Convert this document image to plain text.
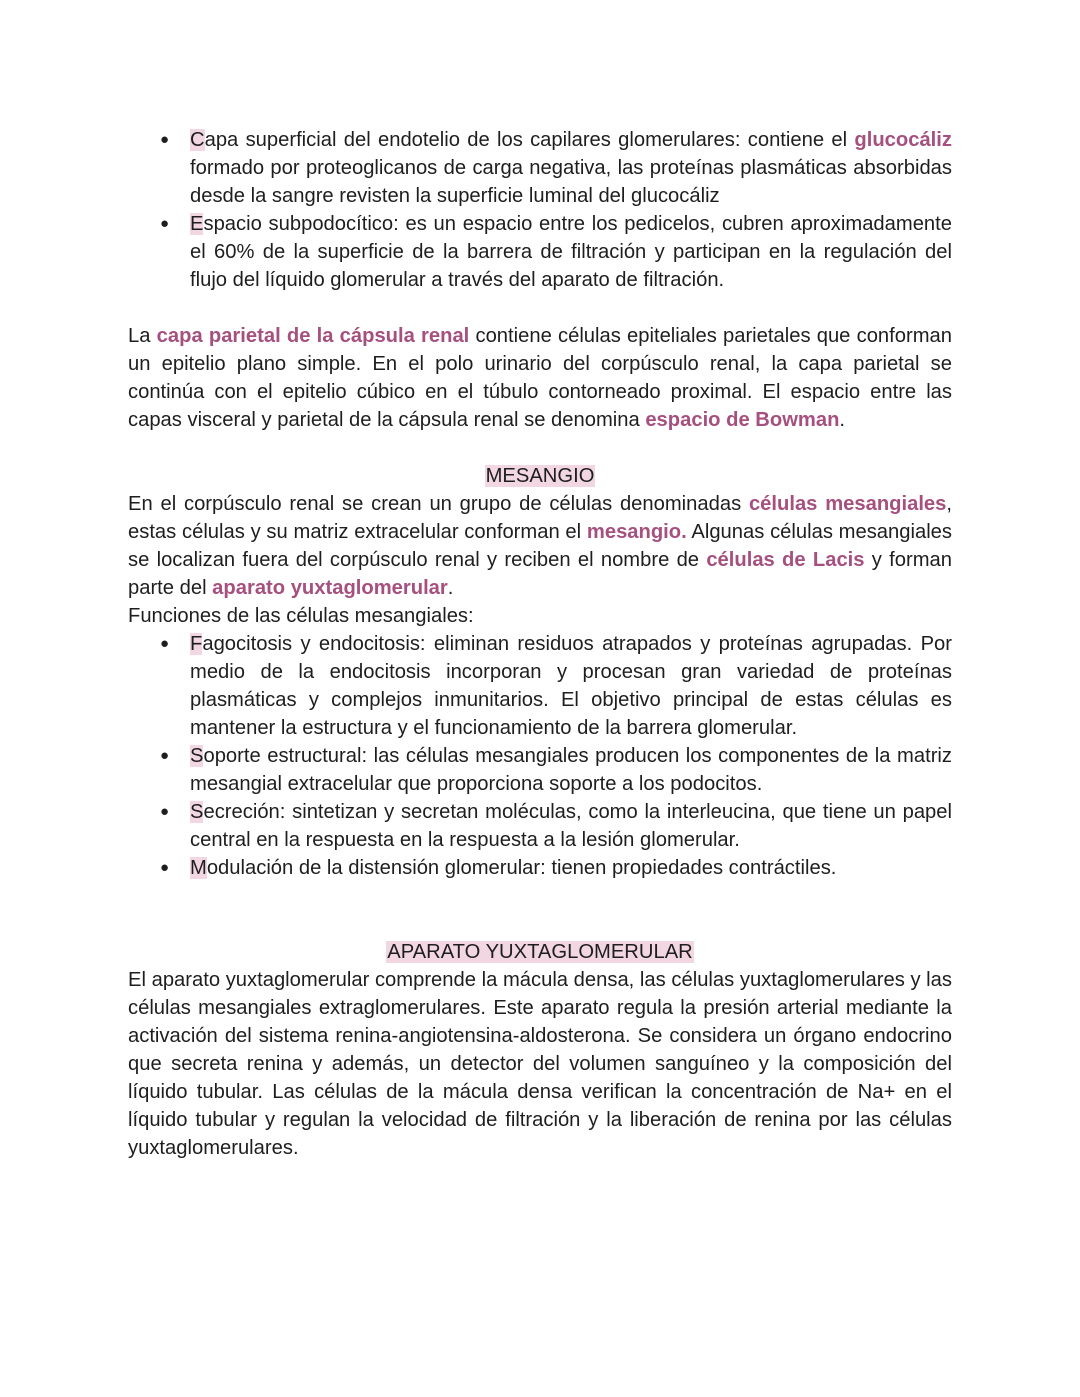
● Capa superficial del endotelio de los capilares glomerulares: contiene el glucocáliz formado por proteoglicanos de carga negativa, las proteínas plasmáticas absorbidas desde la sangre revisten la superficie luminal del glucocáliz
● Espacio subpodocítico: es un espacio entre los pedicelos, cubren aproximadamente el 60% de la superficie de la barrera de filtración y participan en la regulación del flujo del líquido glomerular a través del aparato de filtración.

La capa parietal de la cápsula renal contiene células epiteliales parietales que conforman un epitelio plano simple. En el polo urinario del corpúsculo renal, la capa parietal se continúa con el epitelio cúbico en el túbulo contorneado proximal. El espacio entre las capas visceral y parietal de la cápsula renal se denomina espacio de Bowman.

MESANGIO

En el corpúsculo renal se crean un grupo de células denominadas células mesangiales, estas células y su matriz extracelular conforman el mesangio. Algunas células mesangiales se localizan fuera del corpúsculo renal y reciben el nombre de células de Lacis y forman parte del aparato yuxtaglomerular.

Funciones de las células mesangiales:

● Fagocitosis y endocitosis: eliminan residuos atrapados y proteínas agrupadas. Por medio de la endocitosis incorporan y procesan gran variedad de proteínas plasmáticas y complejos inmunitarios. El objetivo principal de estas células es mantener la estructura y el funcionamiento de la barrera glomerular.
● Soporte estructural: las células mesangiales producen los componentes de la matriz mesangial extracelular que proporciona soporte a los podocitos.
● Secreción: sintetizan y secretan moléculas, como la interleucina, que tiene un papel central en la respuesta en la respuesta a la lesión glomerular.
● Modulación de la distensión glomerular: tienen propiedades contráctiles.
APARATO YUXTAGLOMERULAR

El aparato yuxtaglomerular comprende la mácula densa, las células yuxtaglomerulares y las células mesangiales extraglomerulares. Este aparato regula la presión arterial mediante la activación del sistema renina-angiotensina-aldosterona. Se considera un órgano endocrino que secreta renina y además, un detector del volumen sanguíneo y la composición del líquido tubular. Las células de la mácula densa verifican la concentración de Na+ en el líquido tubular y regulan la velocidad de filtración y la liberación de renina por las células yuxtaglomerulares.
